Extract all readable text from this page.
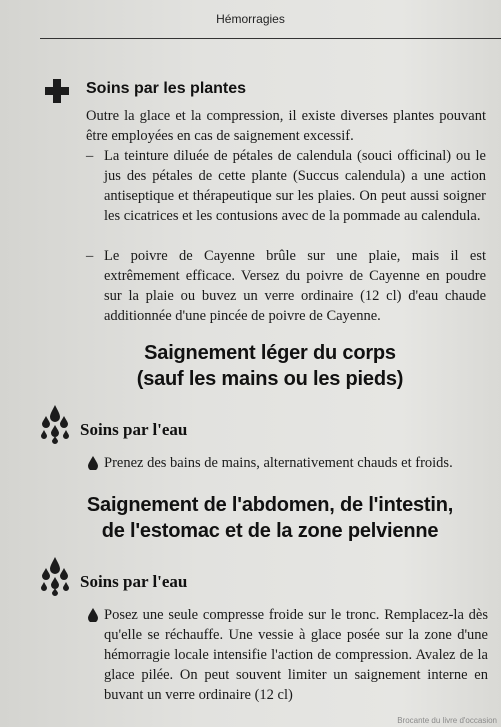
Hémorragies
Soins par les plantes
Outre la glace et la compression, il existe diverses plantes pouvant être employées en cas de saignement excessif.
– La teinture diluée de pétales de calendula (souci officinal) ou le jus des pétales de cette plante (Succus calendula) a une action antiseptique et thérapeutique sur les plaies. On peut aussi soigner les cicatrices et les contusions avec de la pommade au calendula.
– Le poivre de Cayenne brûle sur une plaie, mais il est extrêmement efficace. Versez du poivre de Cayenne en poudre sur la plaie ou buvez un verre ordinaire (12 cl) d'eau chaude additionnée d'une pincée de poivre de Cayenne.
Saignement léger du corps
(sauf les mains ou les pieds)
Soins par l'eau
Prenez des bains de mains, alternativement chauds et froids.
Saignement de l'abdomen, de l'intestin,
de l'estomac et de la zone pelvienne
Soins par l'eau
Posez une seule compresse froide sur le tronc. Remplacez-la dès qu'elle se réchauffe. Une vessie à glace posée sur la zone d'une hémorragie locale intensifie l'action de compression. Avalez de la glace pilée. On peut souvent limiter un saignement interne en buvant un verre ordinaire (12 cl)
Brocante du livre d'occasion
